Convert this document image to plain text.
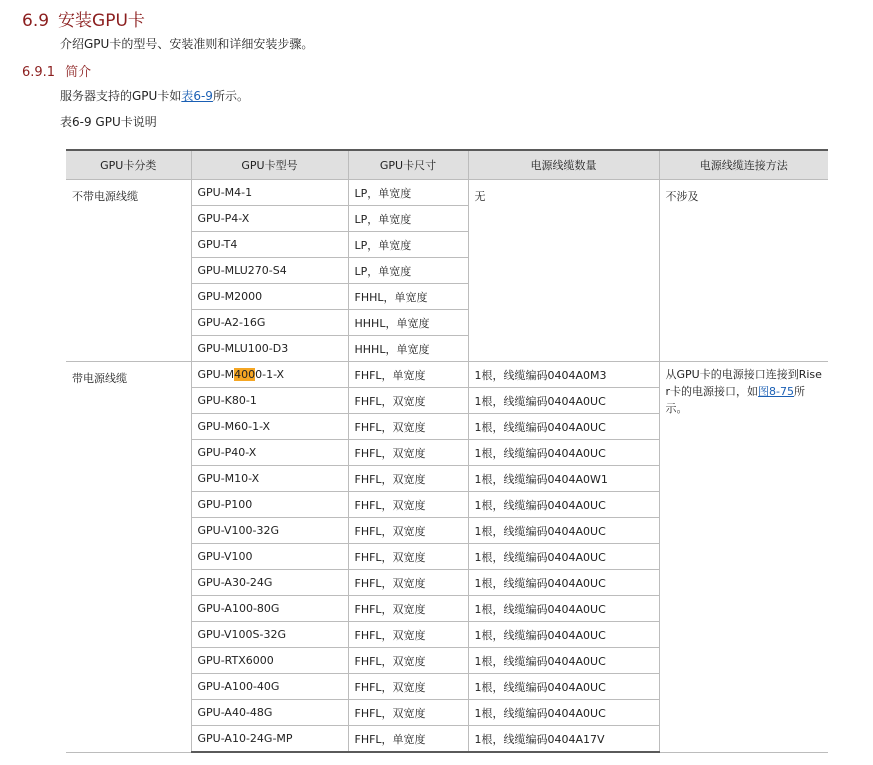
6.9 安装GPU卡
介绍GPU卡的型号、安装准则和详细安装步骤。
6.9.1 简介
服务器支持的GPU卡如表6-9所示。
表6-9 GPU卡说明
GPU卡分类	GPU卡型号	GPU卡尺寸	电源线缆数量	电源线缆连接方法
不带电源线缆	GPU-M4-1	LP，单宽度	无	不涉及
	GPU-P4-X	LP，单宽度		
	GPU-T4	LP，单宽度		
	GPU-MLU270-S4	LP，单宽度		
	GPU-M2000	FHHL，单宽度		
	GPU-A2-16G	HHHL，单宽度		
	GPU-MLU100-D3	HHHL，单宽度		
带电源线缆	GPU-M4000-1-X	FHFL，单宽度	1根，线缆编码0404A0M3	从GPU卡的电源接口连接到Riser卡的电源接口，如图8-75所示。
	GPU-K80-1	FHFL，双宽度	1根，线缆编码0404A0UC	
	GPU-M60-1-X	FHFL，双宽度	1根，线缆编码0404A0UC	
	GPU-P40-X	FHFL，双宽度	1根，线缆编码0404A0UC	
	GPU-M10-X	FHFL，双宽度	1根，线缆编码0404A0W1	
	GPU-P100	FHFL，双宽度	1根，线缆编码0404A0UC	
	GPU-V100-32G	FHFL，双宽度	1根，线缆编码0404A0UC	
	GPU-V100	FHFL，双宽度	1根，线缆编码0404A0UC	
	GPU-A30-24G	FHFL，双宽度	1根，线缆编码0404A0UC	
	GPU-A100-80G	FHFL，双宽度	1根，线缆编码0404A0UC	
	GPU-V100S-32G	FHFL，双宽度	1根，线缆编码0404A0UC	
	GPU-RTX6000	FHFL，双宽度	1根，线缆编码0404A0UC	
	GPU-A100-40G	FHFL，双宽度	1根，线缆编码0404A0UC	
	GPU-A40-48G	FHFL，双宽度	1根，线缆编码0404A0UC	
	GPU-A10-24G-MP	FHFL，单宽度	1根，线缆编码0404A17V	
